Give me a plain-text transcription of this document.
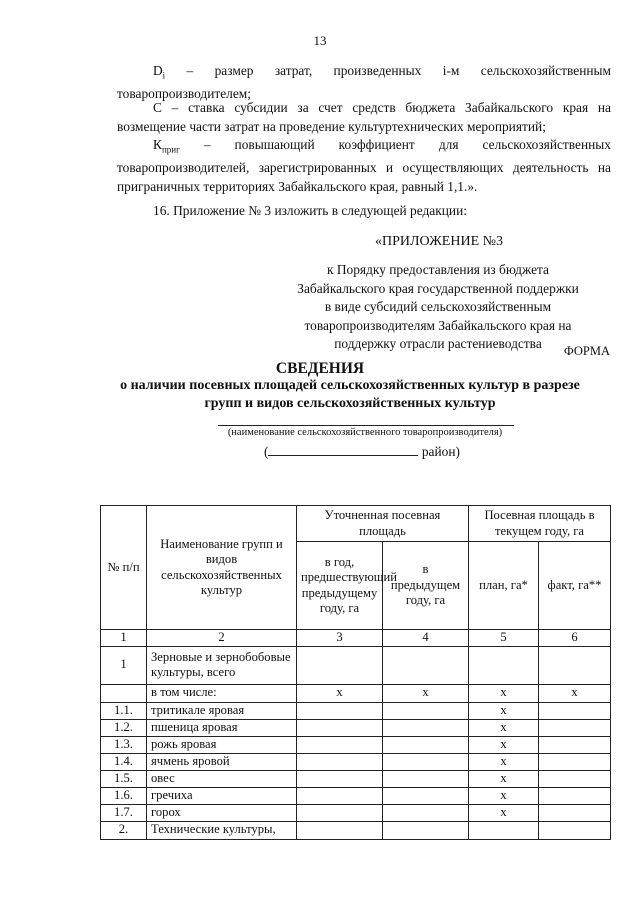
13

$D_i$ – размер затрат, произведенных i-м сельскохозяйственным товаропроизводителем;

С – ставка субсидии за счет средств бюджета Забайкальского края на возмещение части затрат на проведение культуртехнических мероприятий;

$К_{приг}$ – повышающий коэффициент для сельскохозяйственных товаропроизводителей, зарегистрированных и осуществляющих деятельность на приграничных территориях Забайкальского края, равный 1,1.».

16. Приложение № 3 изложить в следующей редакции:

«ПРИЛОЖЕНИЕ №3
к Порядку предоставления из бюджета
Забайкальского края государственной поддержки
в виде субсидий сельскохозяйственным
товаропроизводителям Забайкальского края на
поддержку отрасли растениеводства	ФОРМА
СВЕДЕНИЯ
о наличии посевных площадей сельскохозяйственных культур в разрезе групп и видов сельскохозяйственных культур
(наименование сельскохозяйственного товаропроизводителя)
(	район)
№ п/п	Наименование групп и видов сельскохозяйственных культур	Уточненная посевная площадь		Посевная площадь в текущем году, га	
		в год, предшествующий предыдущему году, га	в предыдущем году, га	план, га*	факт, га**
1	2	3	4	5	6
1	Зерновые и зернобобовые культуры, всего				
	в том числе:	х	х	х	х
1.1.	тритикале яровая			х	
1.2.	пшеница яровая			х	
1.3.	рожь яровая			х	
1.4.	ячмень яровой			х	
1.5.	овес			х	
1.6.	гречиха			х	
1.7.	горох			х	
2.	Технические культуры,				
